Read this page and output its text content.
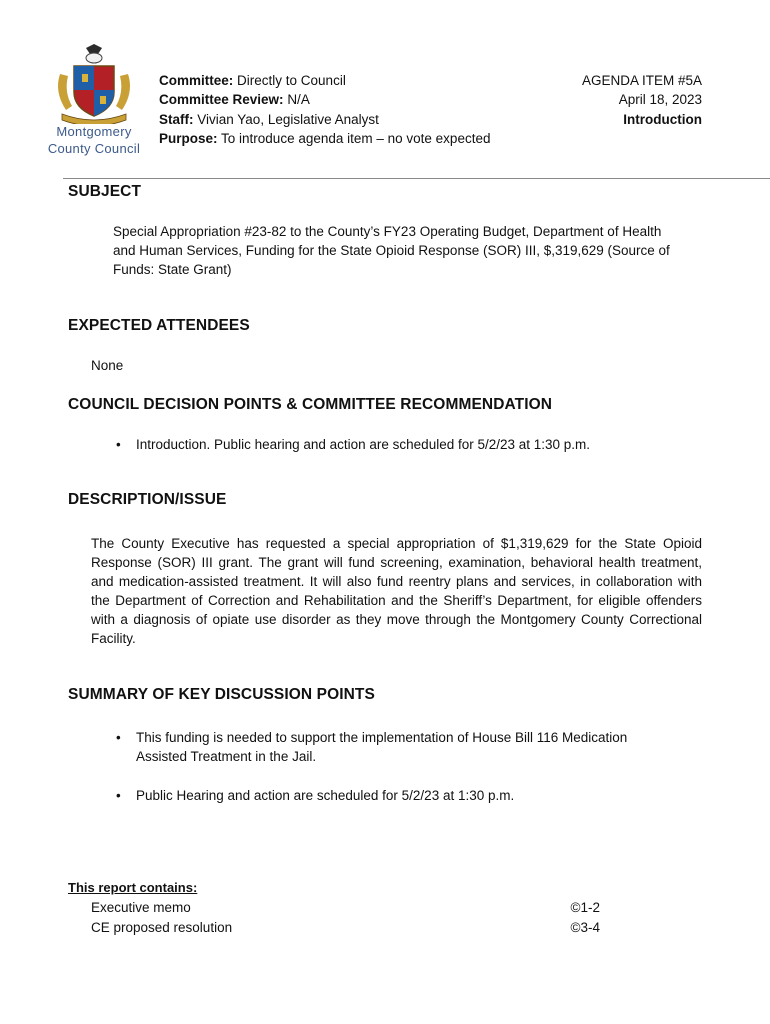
Montgomery
County Council
Committee: Directly to Council
Committee Review: N/A
Staff: Vivian Yao, Legislative Analyst
Purpose: To introduce agenda item – no vote expected
AGENDA ITEM #5A
April 18, 2023
Introduction
SUBJECT
Special Appropriation #23-82 to the County’s FY23 Operating Budget, Department of Health and Human Services, Funding for the State Opioid Response (SOR) III, $,319,629 (Source of Funds: State Grant)
EXPECTED ATTENDEES
None
COUNCIL DECISION POINTS & COMMITTEE RECOMMENDATION
• Introduction. Public hearing and action are scheduled for 5/2/23 at 1:30 p.m.
DESCRIPTION/ISSUE
The County Executive has requested a special appropriation of $1,319,629 for the State Opioid Response (SOR) III grant. The grant will fund screening, examination, behavioral health treatment, and medication-assisted treatment. It will also fund reentry plans and services, in collaboration with the Department of Correction and Rehabilitation and the Sheriff’s Department, for eligible offenders with a diagnosis of opiate use disorder as they move through the Montgomery County Correctional Facility.
SUMMARY OF KEY DISCUSSION POINTS
• This funding is needed to support the implementation of House Bill 116 Medication Assisted Treatment in the Jail.
• Public Hearing and action are scheduled for 5/2/23 at 1:30 p.m.
This report contains:
Executive memo	©1-2
CE proposed resolution	©3-4
